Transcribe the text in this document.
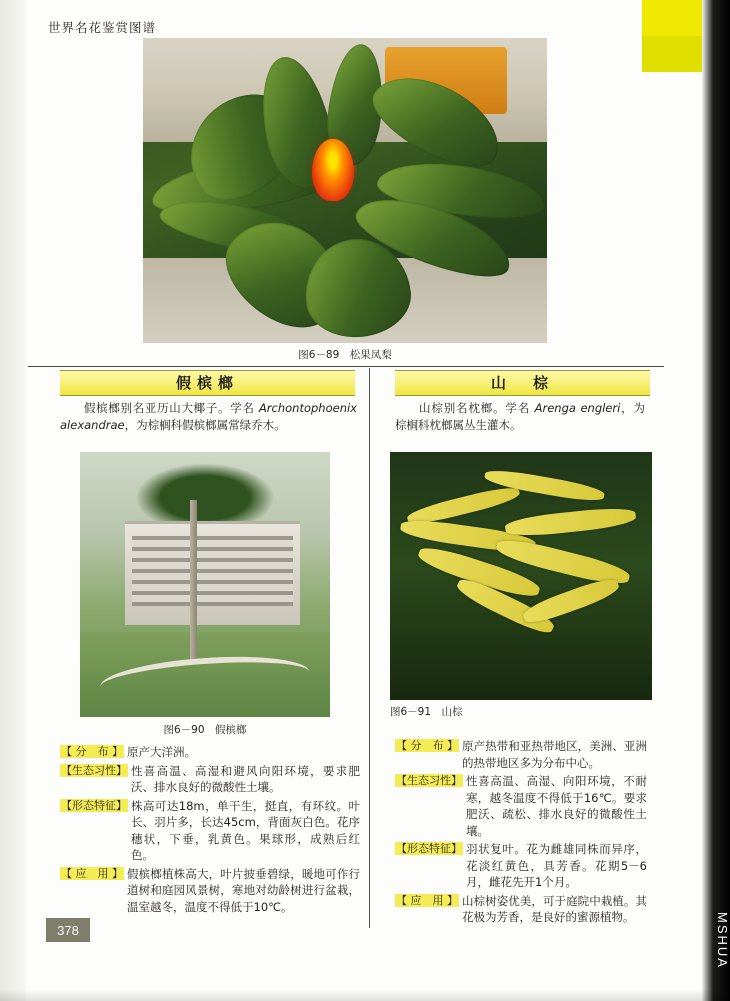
世界名花鉴赏图谱
图6－89　松果凤梨
假槟榔
假槟榔别名亚历山大椰子。学名 Archontophoenix alexandrae，为棕榈科假槟榔属常绿乔木。
图6－90　假槟榔
【 分　布 】 原产大洋洲。
【生态习性】 性喜高温、高湿和避风向阳环境，要求肥沃、排水良好的微酸性土壤。
【形态特征】 株高可达18m，单干生，挺直，有环纹。叶长、羽片多，长达45cm，背面灰白色。花序穗状，下垂，乳黄色。果球形，成熟后红色。
【 应　用 】 假槟榔植株高大，叶片披垂碧绿，暖地可作行道树和庭园风景树，寒地对幼龄树进行盆栽，温室越冬，温度不得低于10℃。
山　棕
山棕别名枕榔。学名 Arenga engleri，为棕榈科枕榔属丛生灌木。
图6－91　山棕
【 分　布 】 原产热带和亚热带地区，美洲、亚洲的热带地区多为分布中心。
【生态习性】 性喜高温、高湿、向阳环境，不耐寒，越冬温度不得低于16℃。要求肥沃、疏松、排水良好的微酸性土壤。
【形态特征】 羽状复叶。花为雌雄同株而异序，花淡红黄色，具芳香。花期5－6月，雌花先开1个月。
【 应　用 】 山棕树姿优美，可于庭院中栽植。其花极为芳香，是良好的蜜源植物。
378	MSHUA
